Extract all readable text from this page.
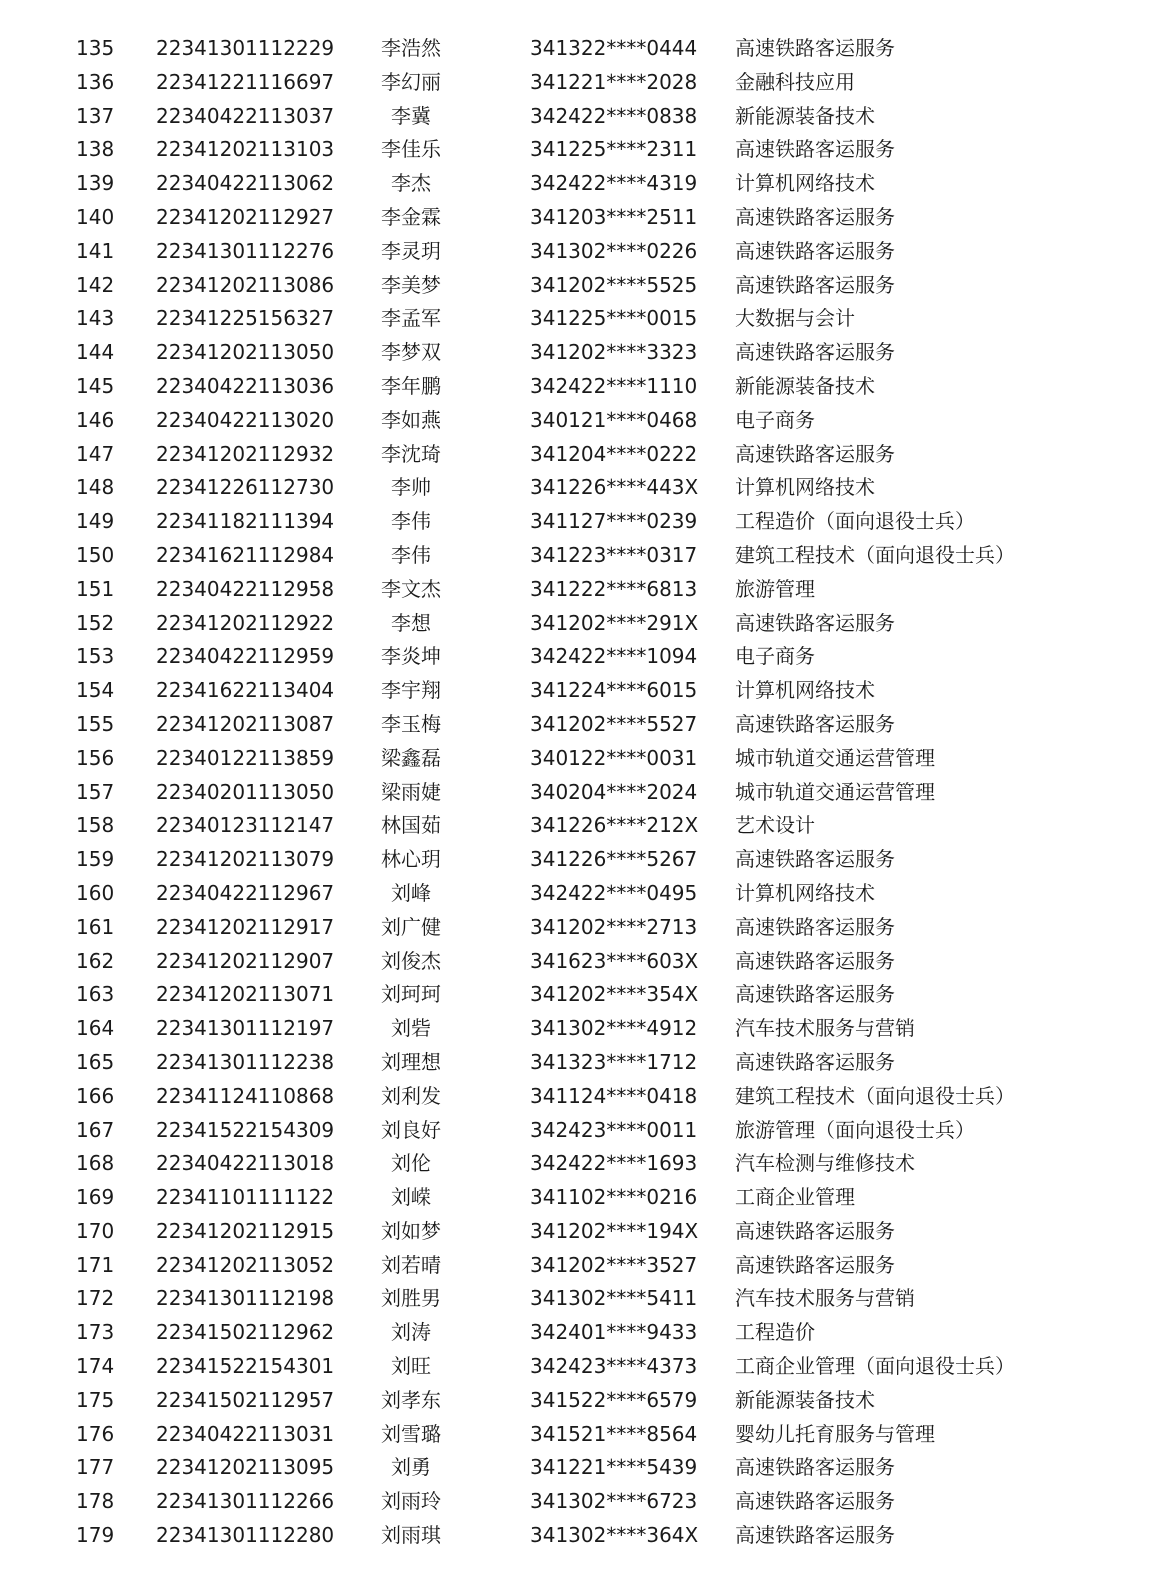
135	22341301112229	李浩然	341322****0444	高速铁路客运服务
136	22341221116697	李幻丽	341221****2028	金融科技应用
137	22340422113037	李冀	342422****0838	新能源装备技术
138	22341202113103	李佳乐	341225****2311	高速铁路客运服务
139	22340422113062	李杰	342422****4319	计算机网络技术
140	22341202112927	李金霖	341203****2511	高速铁路客运服务
141	22341301112276	李灵玥	341302****0226	高速铁路客运服务
142	22341202113086	李美梦	341202****5525	高速铁路客运服务
143	22341225156327	李孟军	341225****0015	大数据与会计
144	22341202113050	李梦双	341202****3323	高速铁路客运服务
145	22340422113036	李年鹏	342422****1110	新能源装备技术
146	22340422113020	李如燕	340121****0468	电子商务
147	22341202112932	李沈琦	341204****0222	高速铁路客运服务
148	22341226112730	李帅	341226****443X	计算机网络技术
149	22341182111394	李伟	341127****0239	工程造价（面向退役士兵）
150	22341621112984	李伟	341223****0317	建筑工程技术（面向退役士兵）
151	22340422112958	李文杰	341222****6813	旅游管理
152	22341202112922	李想	341202****291X	高速铁路客运服务
153	22340422112959	李炎坤	342422****1094	电子商务
154	22341622113404	李宇翔	341224****6015	计算机网络技术
155	22341202113087	李玉梅	341202****5527	高速铁路客运服务
156	22340122113859	梁鑫磊	340122****0031	城市轨道交通运营管理
157	22340201113050	梁雨婕	340204****2024	城市轨道交通运营管理
158	22340123112147	林国茹	341226****212X	艺术设计
159	22341202113079	林心玥	341226****5267	高速铁路客运服务
160	22340422112967	刘峰	342422****0495	计算机网络技术
161	22341202112917	刘广健	341202****2713	高速铁路客运服务
162	22341202112907	刘俊杰	341623****603X	高速铁路客运服务
163	22341202113071	刘珂珂	341202****354X	高速铁路客运服务
164	22341301112197	刘砦	341302****4912	汽车技术服务与营销
165	22341301112238	刘理想	341323****1712	高速铁路客运服务
166	22341124110868	刘利发	341124****0418	建筑工程技术（面向退役士兵）
167	22341522154309	刘良好	342423****0011	旅游管理（面向退役士兵）
168	22340422113018	刘伦	342422****1693	汽车检测与维修技术
169	22341101111122	刘嵘	341102****0216	工商企业管理
170	22341202112915	刘如梦	341202****194X	高速铁路客运服务
171	22341202113052	刘若晴	341202****3527	高速铁路客运服务
172	22341301112198	刘胜男	341302****5411	汽车技术服务与营销
173	22341502112962	刘涛	342401****9433	工程造价
174	22341522154301	刘旺	342423****4373	工商企业管理（面向退役士兵）
175	22341502112957	刘孝东	341522****6579	新能源装备技术
176	22340422113031	刘雪璐	341521****8564	婴幼儿托育服务与管理
177	22341202113095	刘勇	341221****5439	高速铁路客运服务
178	22341301112266	刘雨玲	341302****6723	高速铁路客运服务
179	22341301112280	刘雨琪	341302****364X	高速铁路客运服务
